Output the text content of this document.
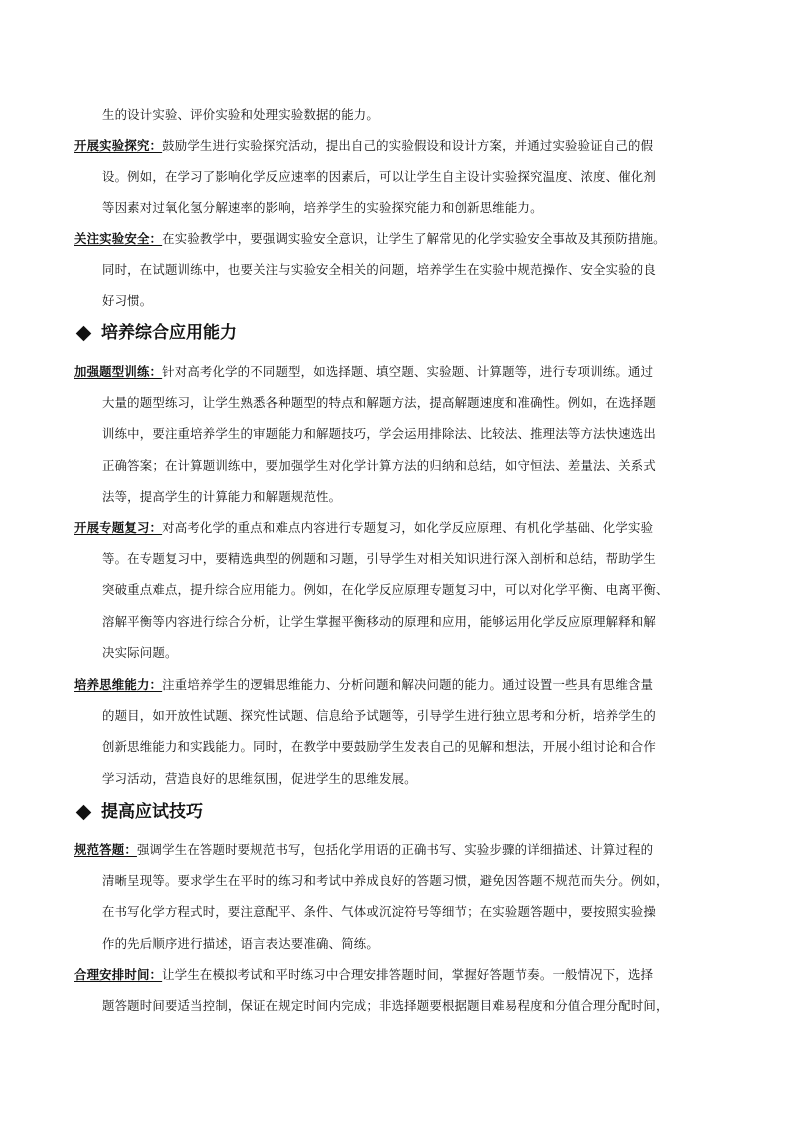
生的设计实验、评价实验和处理实验数据的能力。

开展实验探究：鼓励学生进行实验探究活动，提出自己的实验假设和设计方案，并通过实验验证自己的假
设。例如，在学习了影响化学反应速率的因素后，可以让学生自主设计实验探究温度、浓度、催化剂
等因素对过氧化氢分解速率的影响，培养学生的实验探究能力和创新思维能力。

关注实验安全：在实验教学中，要强调实验安全意识，让学生了解常见的化学实验安全事故及其预防措施。
同时，在试题训练中，也要关注与实验安全相关的问题，培养学生在实验中规范操作、安全实验的良
好习惯。

培养综合应用能力

加强题型训练：针对高考化学的不同题型，如选择题、填空题、实验题、计算题等，进行专项训练。通过
大量的题型练习，让学生熟悉各种题型的特点和解题方法，提高解题速度和准确性。例如，在选择题
训练中，要注重培养学生的审题能力和解题技巧，学会运用排除法、比较法、推理法等方法快速选出
正确答案；在计算题训练中，要加强学生对化学计算方法的归纳和总结，如守恒法、差量法、关系式
法等，提高学生的计算能力和解题规范性。

开展专题复习：对高考化学的重点和难点内容进行专题复习，如化学反应原理、有机化学基础、化学实验
等。在专题复习中，要精选典型的例题和习题，引导学生对相关知识进行深入剖析和总结，帮助学生
突破重点难点，提升综合应用能力。例如，在化学反应原理专题复习中，可以对化学平衡、电离平衡、
溶解平衡等内容进行综合分析，让学生掌握平衡移动的原理和应用，能够运用化学反应原理解释和解
决实际问题。

培养思维能力：注重培养学生的逻辑思维能力、分析问题和解决问题的能力。通过设置一些具有思维含量
的题目，如开放性试题、探究性试题、信息给予试题等，引导学生进行独立思考和分析，培养学生的
创新思维能力和实践能力。同时，在教学中要鼓励学生发表自己的见解和想法，开展小组讨论和合作
学习活动，营造良好的思维氛围，促进学生的思维发展。

提高应试技巧

规范答题：强调学生在答题时要规范书写，包括化学用语的正确书写、实验步骤的详细描述、计算过程的
清晰呈现等。要求学生在平时的练习和考试中养成良好的答题习惯，避免因答题不规范而失分。例如，
在书写化学方程式时，要注意配平、条件、气体或沉淀符号等细节；在实验题答题中，要按照实验操
作的先后顺序进行描述，语言表达要准确、简练。

合理安排时间：让学生在模拟考试和平时练习中合理安排答题时间，掌握好答题节奏。一般情况下，选择
题答题时间要适当控制，保证在规定时间内完成；非选择题要根据题目难易程度和分值合理分配时间，
